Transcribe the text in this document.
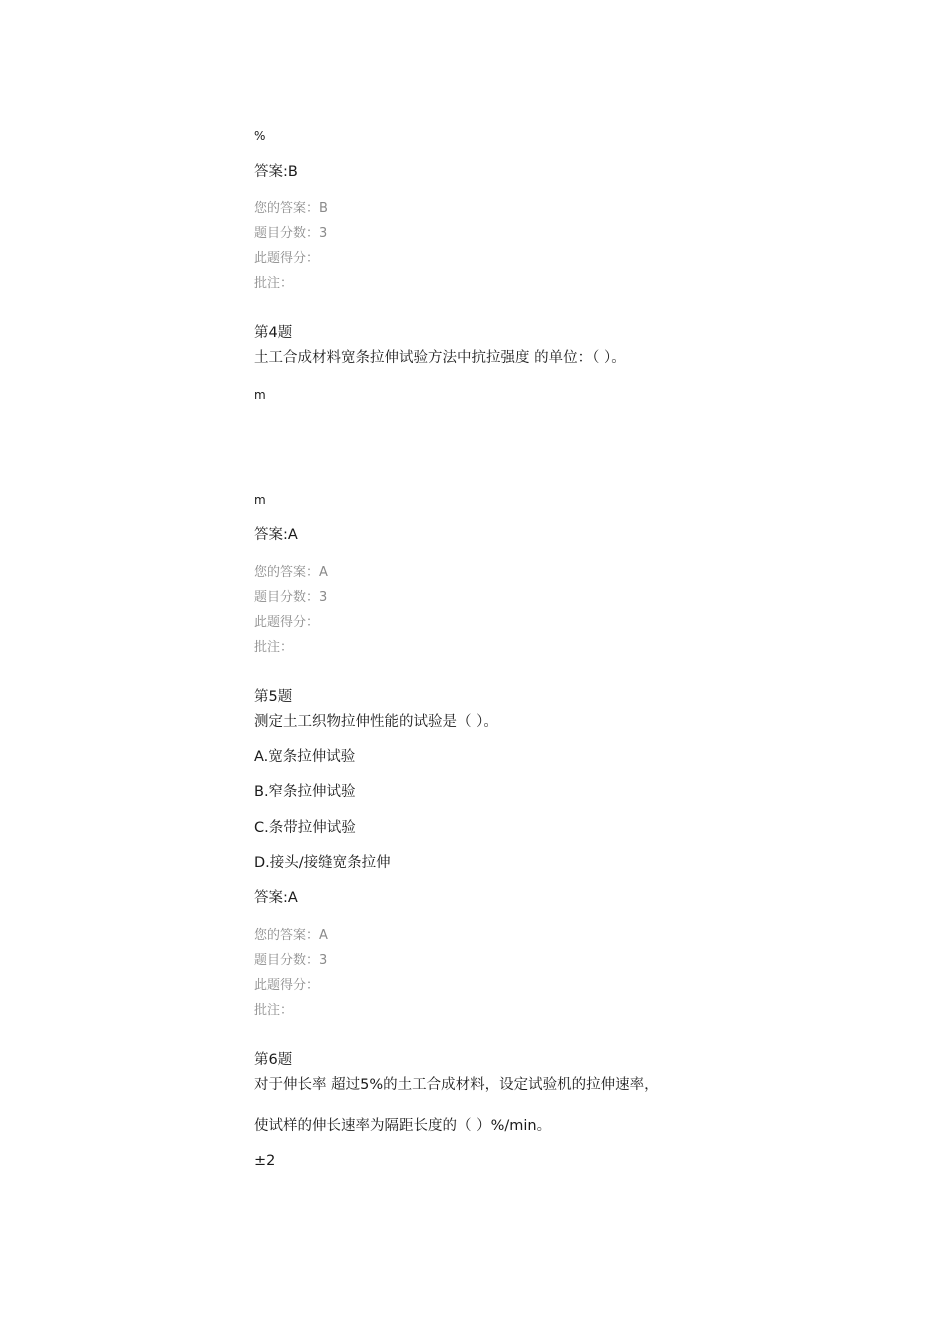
%
答案:B
您的答案：B
题目分数：3
此题得分：
批注：
第4题
土工合成材料宽条拉伸试验方法中抗拉强度 的单位：（ ）。
m
m
答案:A
您的答案：A
题目分数：3
此题得分：
批注：
第5题
测定土工织物拉伸性能的试验是（ ）。
A.宽条拉伸试验
B.窄条拉伸试验
C.条带拉伸试验
D.接头/接缝宽条拉伸
答案:A
您的答案：A
题目分数：3
此题得分：
批注：
第6题
对于伸长率 超过5%的土工合成材料，设定试验机的拉伸速率，
使试样的伸长速率为隔距长度的（ ）%/min。
±2
